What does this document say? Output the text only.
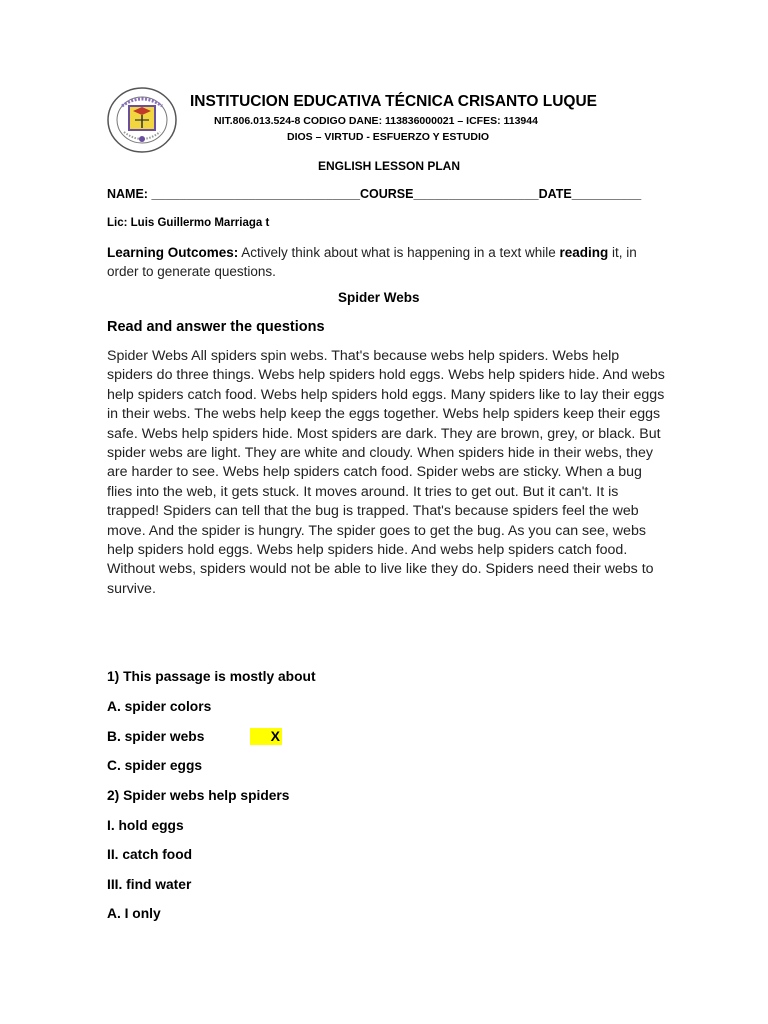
INSTITUCION EDUCATIVA TÉCNICA CRISANTO LUQUE
NIT.806.013.524-8 CODIGO DANE: 113836000021 – ICFES: 113944
DIOS – VIRTUD - ESFUERZO Y ESTUDIO
ENGLISH LESSON PLAN
NAME: ______________________________COURSE__________________DATE__________
Lic: Luis Guillermo Marriaga t
Learning Outcomes: Actively think about what is happening in a text while reading it, in order to generate questions.
Spider Webs
Read and answer the questions
Spider Webs All spiders spin webs. That's because webs help spiders. Webs help spiders do three things. Webs help spiders hold eggs. Webs help spiders hide. And webs help spiders catch food. Webs help spiders hold eggs. Many spiders like to lay their eggs in their webs. The webs help keep the eggs together. Webs help spiders keep their eggs safe. Webs help spiders hide. Most spiders are dark. They are brown, grey, or black. But spider webs are light. They are white and cloudy. When spiders hide in their webs, they are harder to see. Webs help spiders catch food. Spider webs are sticky. When a bug flies into the web, it gets stuck. It moves around. It tries to get out. But it can't. It is trapped! Spiders can tell that the bug is trapped. That's because spiders feel the web move. And the spider is hungry. The spider goes to get the bug. As you can see, webs help spiders hold eggs. Webs help spiders hide. And webs help spiders catch food. Without webs, spiders would not be able to live like they do. Spiders need their webs to survive.
1) This passage is mostly about
A. spider colors
B. spider webs	X
C. spider eggs
2) Spider webs help spiders
I. hold eggs
II. catch food
III. find water
A. I only
